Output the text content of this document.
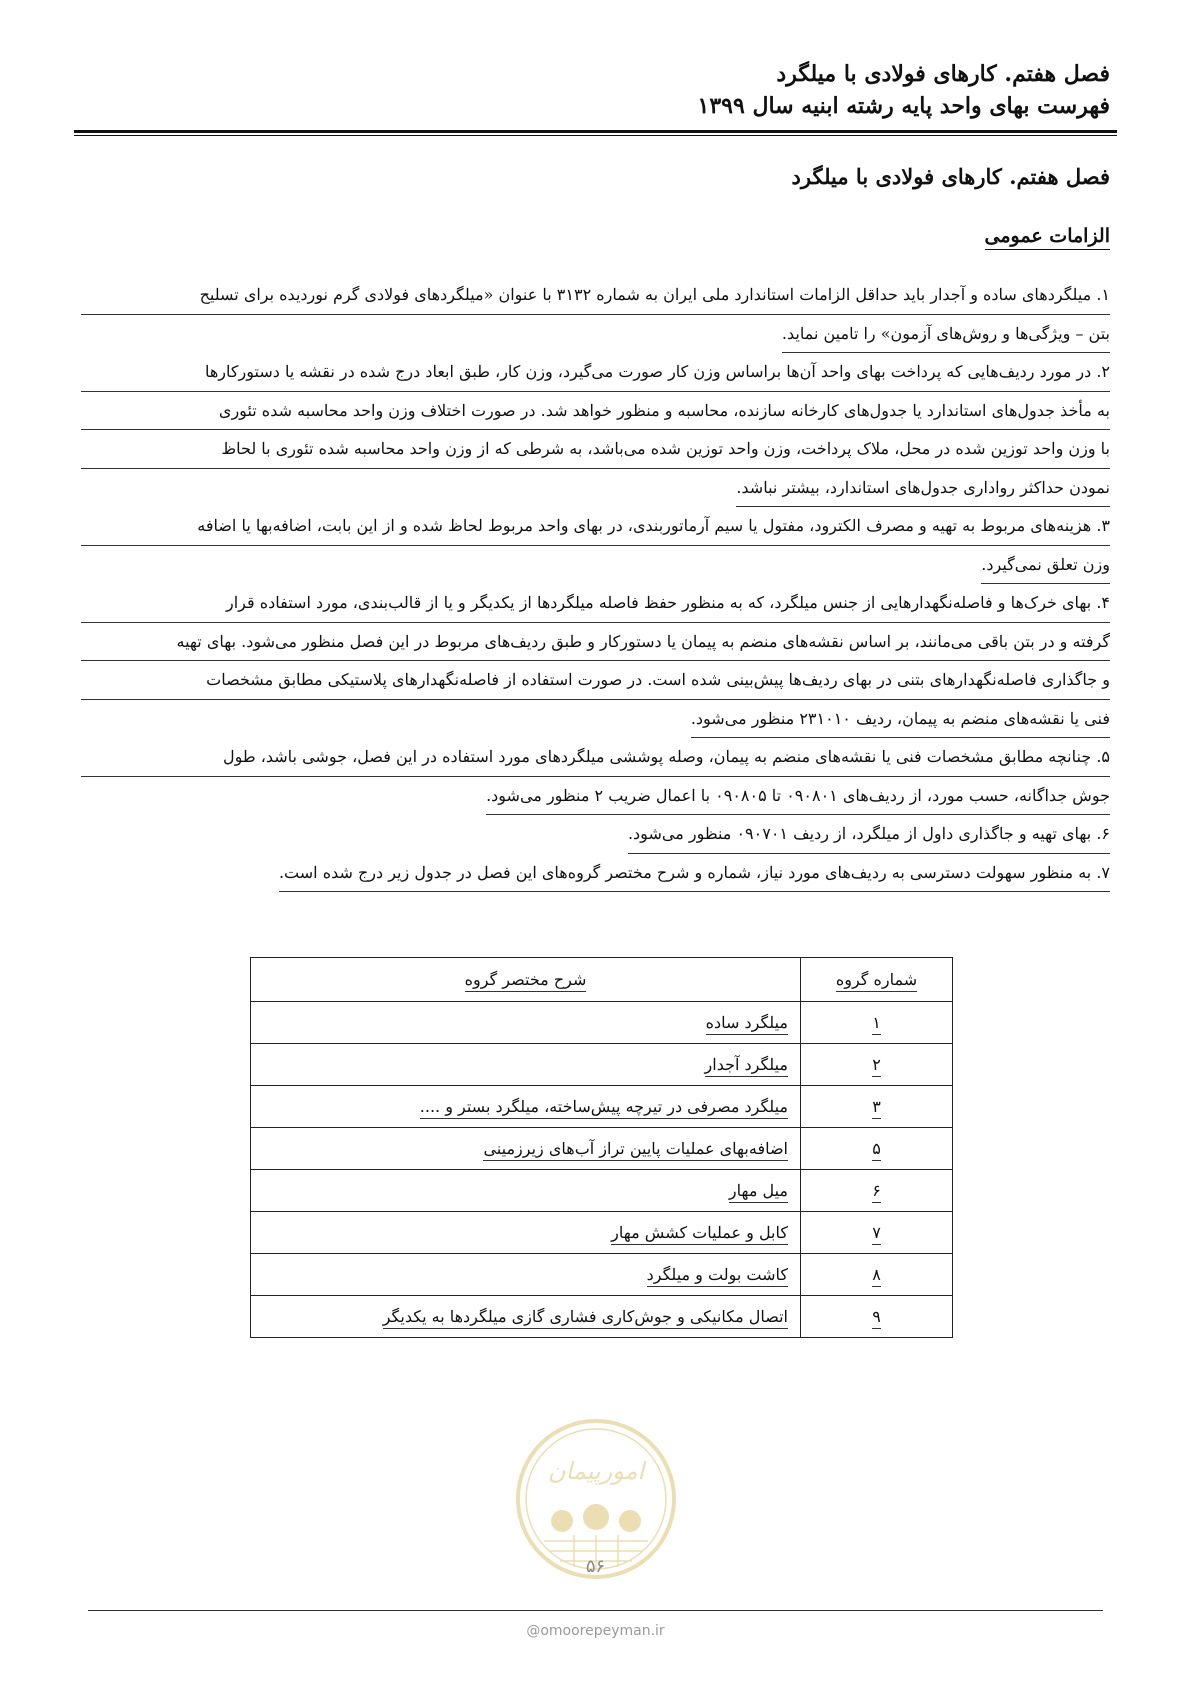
فصل هفتم. کارهای فولادی با میلگرد
فهرست بهای واحد پایه رشته ابنیه سال ۱۳۹۹
فصل هفتم. کارهای فولادی با میلگرد
الزامات عمومی
۱. میلگردهای ساده و آجدار باید حداقل الزامات استاندارد ملی ایران به شماره ۳۱۳۲ با عنوان «میلگردهای فولادی گرم نوردیده برای تسلیح
بتن – ویژگی‌ها و روش‌های آزمون» را تامین نماید.

۲. در مورد ردیف‌هایی که پرداخت بهای واحد آن‌ها براساس وزن کار صورت می‌گیرد، وزن کار، طبق ابعاد درج شده در نقشه یا دستورکارها
به مأخذ جدول‌های استاندارد یا جدول‌های کارخانه سازنده، محاسبه و منظور خواهد شد. در صورت اختلاف وزن واحد محاسبه شده تئوری
با وزن واحد توزین شده در محل، ملاک پرداخت، وزن واحد توزین شده می‌باشد، به شرطی که از وزن واحد محاسبه شده تئوری با لحاظ
نمودن حداکثر رواداری جدول‌های استاندارد، بیشتر نباشد.

۳. هزینه‌های مربوط به تهیه و مصرف الکترود، مفتول یا سیم آرماتوربندی، در بهای واحد مربوط لحاظ شده و از این بابت، اضافه‌بها یا اضافه
وزن تعلق نمی‌گیرد.

۴. بهای خرک‌ها و فاصله‌نگهدارهایی از جنس میلگرد، که به منظور حفظ فاصله میلگردها از یکدیگر و یا از قالب‌بندی، مورد استفاده قرار
گرفته و در بتن باقی می‌مانند، بر اساس نقشه‌های منضم به پیمان یا دستورکار و طبق ردیف‌های مربوط در این فصل منظور می‌شود. بهای تهیه
و جاگذاری فاصله‌نگهدارهای بتنی در بهای ردیف‌ها پیش‌بینی شده است. در صورت استفاده از فاصله‌نگهدارهای پلاستیکی مطابق مشخصات
فنی یا نقشه‌های منضم به پیمان، ردیف ۲۳۱۰۱۰ منظور می‌شود.

۵. چنانچه مطابق مشخصات فنی یا نقشه‌های منضم به پیمان، وصله پوششی میلگردهای مورد استفاده در این فصل، جوشی باشد، طول
جوش جداگانه، حسب مورد، از ردیف‌های ۰۹۰۸۰۱ تا ۰۹۰۸۰۵ با اعمال ضریب ۲ منظور می‌شود.

۶. بهای تهیه و جاگذاری داول از میلگرد، از ردیف ۰۹۰۷۰۱ منظور می‌شود.

۷. به منظور سهولت دسترسی به ردیف‌های مورد نیاز، شماره و شرح مختصر گروه‌های این فصل در جدول زیر درج شده است.

شماره گروه	شرح مختصر گروه
۱	میلگرد ساده
۲	میلگرد آجدار
۳	میلگرد مصرفی در تیرچه پیش‌ساخته، میلگرد بستر و ....
۵	اضافه‌بهای عملیات پایین تراز آب‌های زیرزمینی
۶	میل مهار
۷	کابل و عملیات کشش مهار
۸	کاشت بولت و میلگرد
۹	اتصال مکانیکی و جوش‌کاری فشاری گازی میلگردها به یکدیگر
امورپیمان
۵۶
@omoorepeyman.ir
